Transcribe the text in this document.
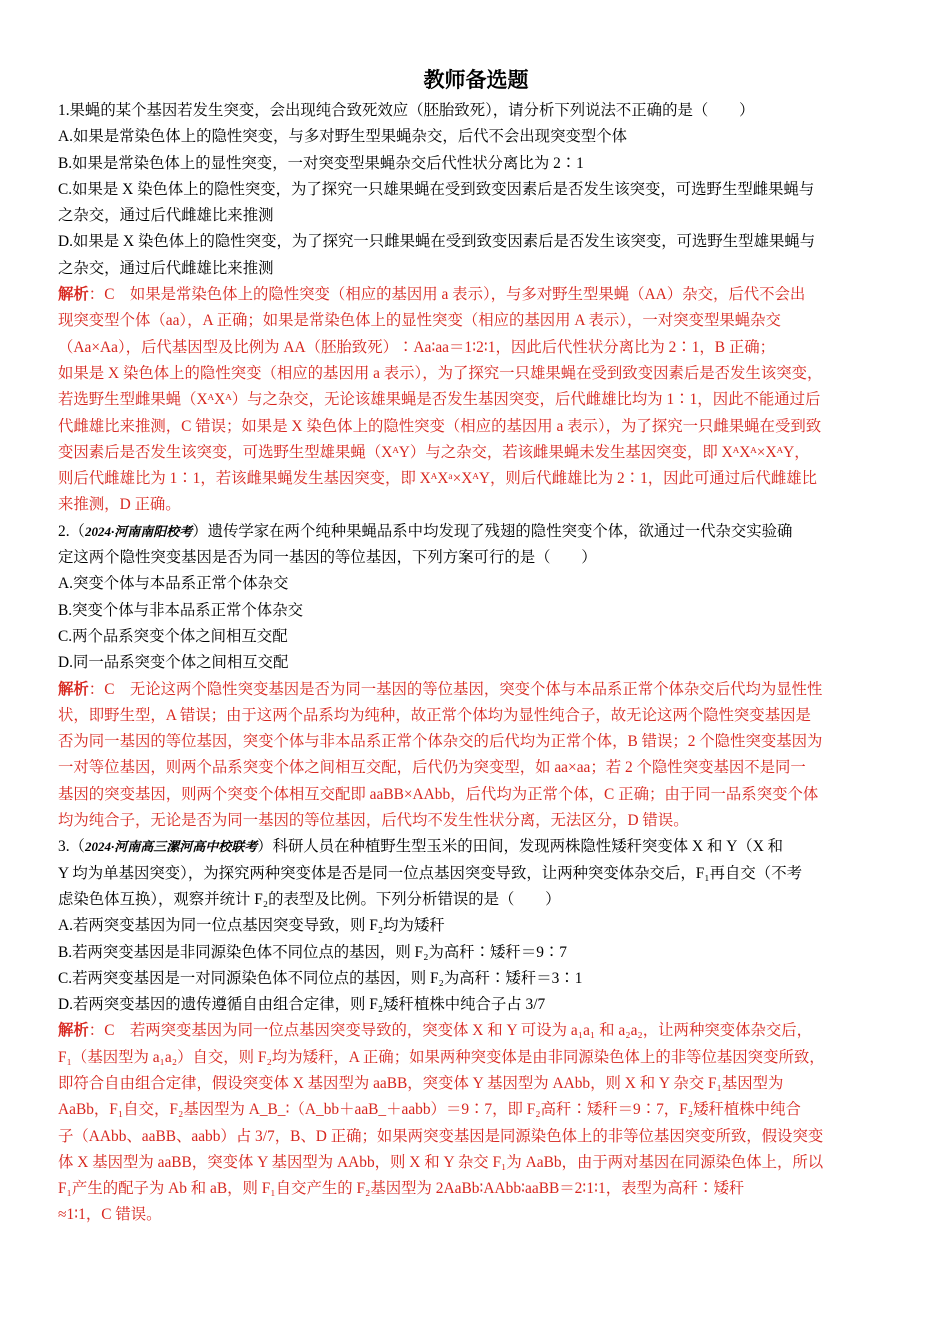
教师备选题
1.果蝇的某个基因若发生突变，会出现纯合致死效应（胚胎致死），请分析下列说法不正确的是（　　）
A.如果是常染色体上的隐性突变，与多对野生型果蝇杂交，后代不会出现突变型个体
B.如果是常染色体上的显性突变，一对突变型果蝇杂交后代性状分离比为 2∶1
C.如果是 X 染色体上的隐性突变，为了探究一只雄果蝇在受到致变因素后是否发生该突变，可选野生型雌果蝇与
之杂交，通过后代雌雄比来推测
D.如果是 X 染色体上的隐性突变，为了探究一只雌果蝇在受到致变因素后是否发生该突变，可选野生型雄果蝇与
之杂交，通过后代雌雄比来推测
解析：C　如果是常染色体上的隐性突变（相应的基因用 a 表示），与多对野生型果蝇（AA）杂交，后代不会出
现突变型个体（aa），A 正确；如果是常染色体上的显性突变（相应的基因用 A 表示），一对突变型果蝇杂交
（Aa×Aa），后代基因型及比例为 AA（胚胎致死）∶Aa∶aa＝1∶2∶1，因此后代性状分离比为 2∶1，B 正确；
如果是 X 染色体上的隐性突变（相应的基因用 a 表示），为了探究一只雄果蝇在受到致变因素后是否发生该突变，
若选野生型雌果蝇（XᴬXᴬ）与之杂交，无论该雄果蝇是否发生基因突变，后代雌雄比均为 1∶1，因此不能通过后
代雌雄比来推测，C 错误；如果是 X 染色体上的隐性突变（相应的基因用 a 表示），为了探究一只雌果蝇在受到致
变因素后是否发生该突变，可选野生型雄果蝇（XᴬY）与之杂交，若该雌果蝇未发生基因突变，即 XᴬXᴬ×XᴬY，
则后代雌雄比为 1∶1，若该雌果蝇发生基因突变，即 XᴬXᵃ×XᴬY，则后代雌雄比为 2∶1，因此可通过后代雌雄比
来推测，D 正确。
2.（2024·河南南阳校考）遗传学家在两个纯种果蝇品系中均发现了残翅的隐性突变个体，欲通过一代杂交实验确
定这两个隐性突变基因是否为同一基因的等位基因，下列方案可行的是（　　）
A.突变个体与本品系正常个体杂交
B.突变个体与非本品系正常个体杂交
C.两个品系突变个体之间相互交配
D.同一品系突变个体之间相互交配
解析：C　无论这两个隐性突变基因是否为同一基因的等位基因，突变个体与本品系正常个体杂交后代均为显性性
状，即野生型，A 错误；由于这两个品系均为纯种，故正常个体均为显性纯合子，故无论这两个隐性突变基因是
否为同一基因的等位基因，突变个体与非本品系正常个体杂交的后代均为正常个体，B 错误；2 个隐性突变基因为
一对等位基因，则两个品系突变个体之间相互交配，后代仍为突变型，如 aa×aa；若 2 个隐性突变基因不是同一
基因的突变基因，则两个突变个体相互交配即 aaBB×AAbb，后代均为正常个体，C 正确；由于同一品系突变个体
均为纯合子，无论是否为同一基因的等位基因，后代均不发生性状分离，无法区分，D 错误。
3.（2024·河南高三漯河高中校联考）科研人员在种植野生型玉米的田间，发现两株隐性矮秆突变体 X 和 Y（X 和
Y 均为单基因突变），为探究两种突变体是否是同一位点基因突变导致，让两种突变体杂交后，F₁再自交（不考
虑染色体互换），观察并统计 F₂的表型及比例。下列分析错误的是（　　）
A.若两突变基因为同一位点基因突变导致，则 F₂均为矮秆
B.若两突变基因是非同源染色体不同位点的基因，则 F₂为高秆∶矮秆＝9∶7
C.若两突变基因是一对同源染色体不同位点的基因，则 F₂为高秆∶矮秆＝3∶1
D.若两突变基因的遗传遵循自由组合定律，则 F₂矮秆植株中纯合子占 3/7
解析：C　若两突变基因为同一位点基因突变导致的，突变体 X 和 Y 可设为 a₁a₁ 和 a₂a₂，让两种突变体杂交后，
F₁（基因型为 a₁a₂）自交，则 F₂均为矮秆，A 正确；如果两种突变体是由非同源染色体上的非等位基因突变所致，
即符合自由组合定律，假设突变体 X 基因型为 aaBB，突变体 Y 基因型为 AAbb，则 X 和 Y 杂交 F₁基因型为
AaBb，F₁自交，F₂基因型为 A_B_∶（A_bb＋aaB_＋aabb）＝9∶7，即 F₂高秆∶矮秆＝9∶7，F₂矮秆植株中纯合
子（AAbb、aaBB、aabb）占 3/7，B、D 正确；如果两突变基因是同源染色体上的非等位基因突变所致，假设突变
体 X 基因型为 aaBB，突变体 Y 基因型为 AAbb，则 X 和 Y 杂交 F₁为 AaBb，由于两对基因在同源染色体上，所以
F₁产生的配子为 Ab 和 aB，则 F₁自交产生的 F₂基因型为 2AaBb∶AAbb∶aaBB＝2∶1∶1，表型为高秆∶矮秆
≈1∶1，C 错误。
